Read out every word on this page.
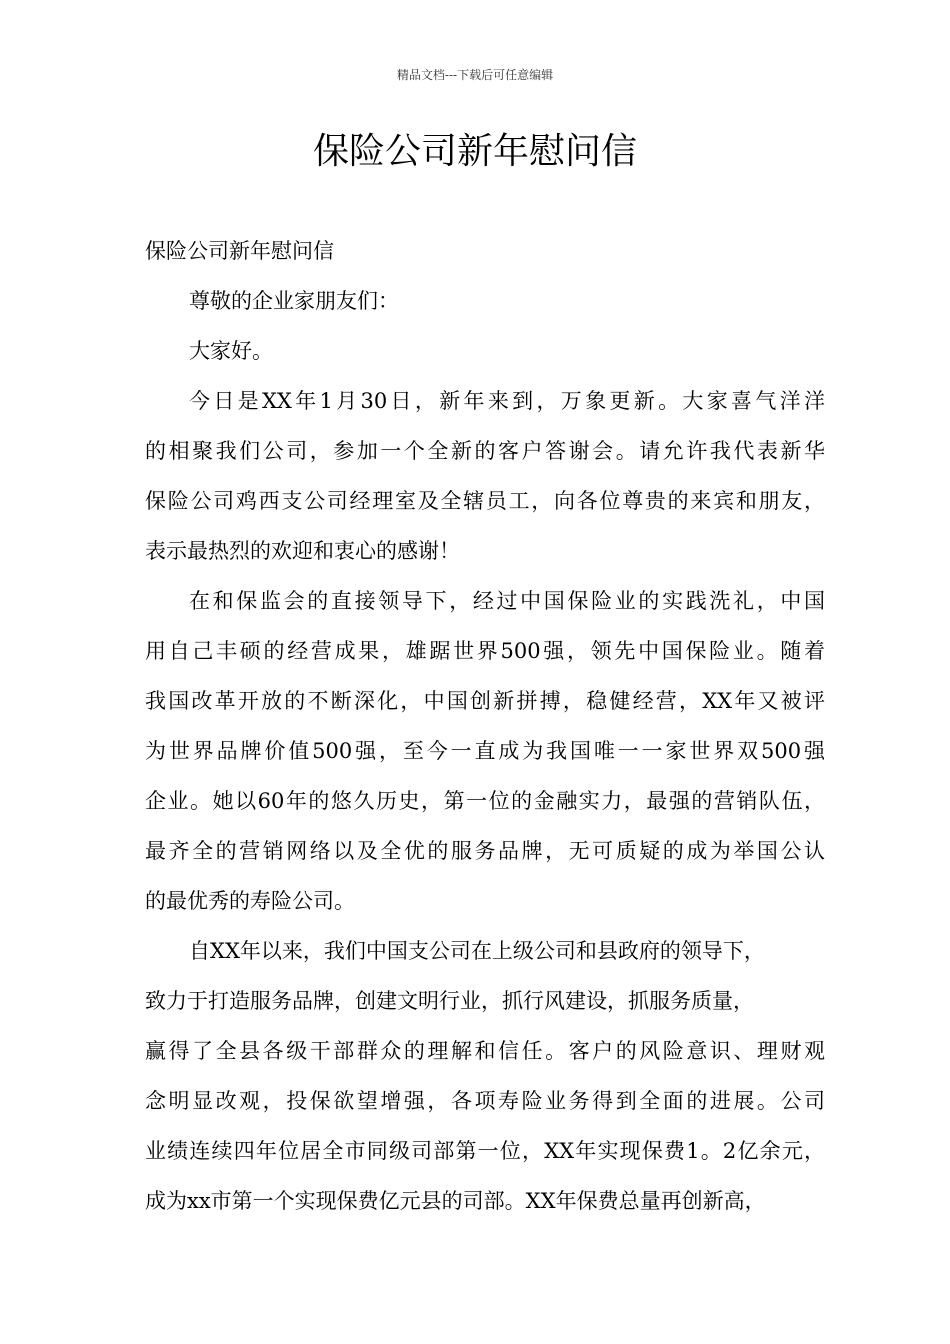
精品文档---下载后可任意编辑
保险公司新年慰问信
保险公司新年慰问信
尊敬的企业家朋友们：
大家好。
今日是XX年1月30日，新年来到，万象更新。大家喜气洋洋
的相聚我们公司，参加一个全新的客户答谢会。请允许我代表新华
保险公司鸡西支公司经理室及全辖员工，向各位尊贵的来宾和朋友，
表示最热烈的欢迎和衷心的感谢！
在和保监会的直接领导下，经过中国保险业的实践洗礼，中国
用自己丰硕的经营成果，雄踞世界500强，领先中国保险业。随着
我国改革开放的不断深化，中国创新拼搏，稳健经营，XX年又被评
为世界品牌价值500强，至今一直成为我国唯一一家世界双500强
企业。她以60年的悠久历史，第一位的金融实力，最强的营销队伍，
最齐全的营销网络以及全优的服务品牌，无可质疑的成为举国公认
的最优秀的寿险公司。
自XX年以来，我们中国支公司在上级公司和县政府的领导下，
致力于打造服务品牌，创建文明行业，抓行风建设，抓服务质量，
赢得了全县各级干部群众的理解和信任。客户的风险意识、理财观
念明显改观，投保欲望增强，各项寿险业务得到全面的进展。公司
业绩连续四年位居全市同级司部第一位，XX年实现保费1。2亿余元，
成为xx市第一个实现保费亿元县的司部。XX年保费总量再创新高，
